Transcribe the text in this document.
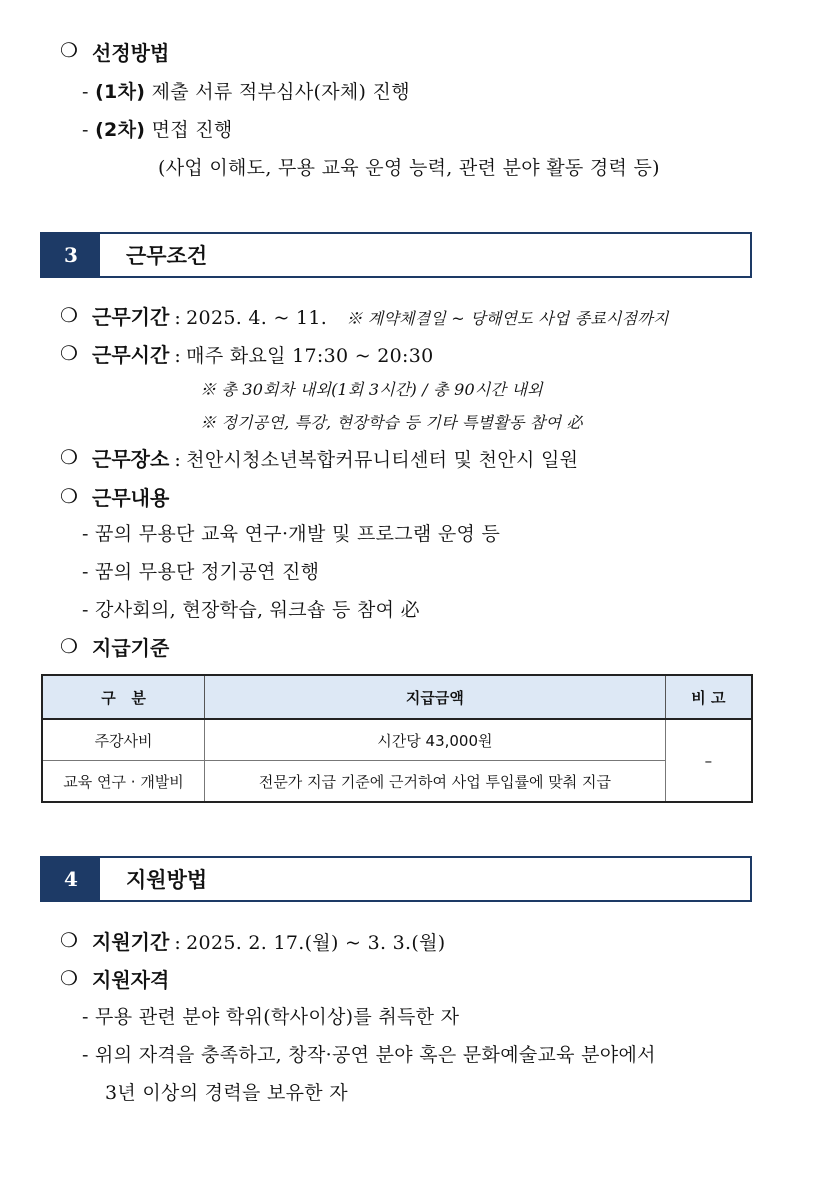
❍ 선정방법
- (1차) 제출 서류 적부심사(자체) 진행
- (2차) 면접 진행
(사업 이해도, 무용 교육 운영 능력, 관련 분야 활동 경력 등)
3	근무조건
❍ 근무기간 : 2025. 4. ~ 11. ※ 계약체결일 ~ 당해연도 사업 종료시점까지
❍ 근무시간 : 매주 화요일 17:30 ~ 20:30
※ 총 30회차 내외(1회 3시간) / 총 90시간 내외
※ 정기공연, 특강, 현장학습 등 기타 특별활동 참여 必
❍ 근무장소 : 천안시청소년복합커뮤니티센터 및 천안시 일원
❍ 근무내용
- 꿈의 무용단 교육 연구·개발 및 프로그램 운영 등
- 꿈의 무용단 정기공연 진행
- 강사회의, 현장학습, 워크숍 등 참여 必
❍ 지급기준
구   분	지급금액	비 고
주강사비	시간당 43,000원	–
교육 연구 · 개발비	전문가 지급 기준에 근거하여 사업 투입률에 맞춰 지급	
4	지원방법
❍ 지원기간 : 2025. 2. 17.(월) ~ 3. 3.(월)
❍ 지원자격
- 무용 관련 분야 학위(학사이상)를 취득한 자
- 위의 자격을 충족하고, 창작·공연 분야 혹은 문화예술교육 분야에서
3년 이상의 경력을 보유한 자
